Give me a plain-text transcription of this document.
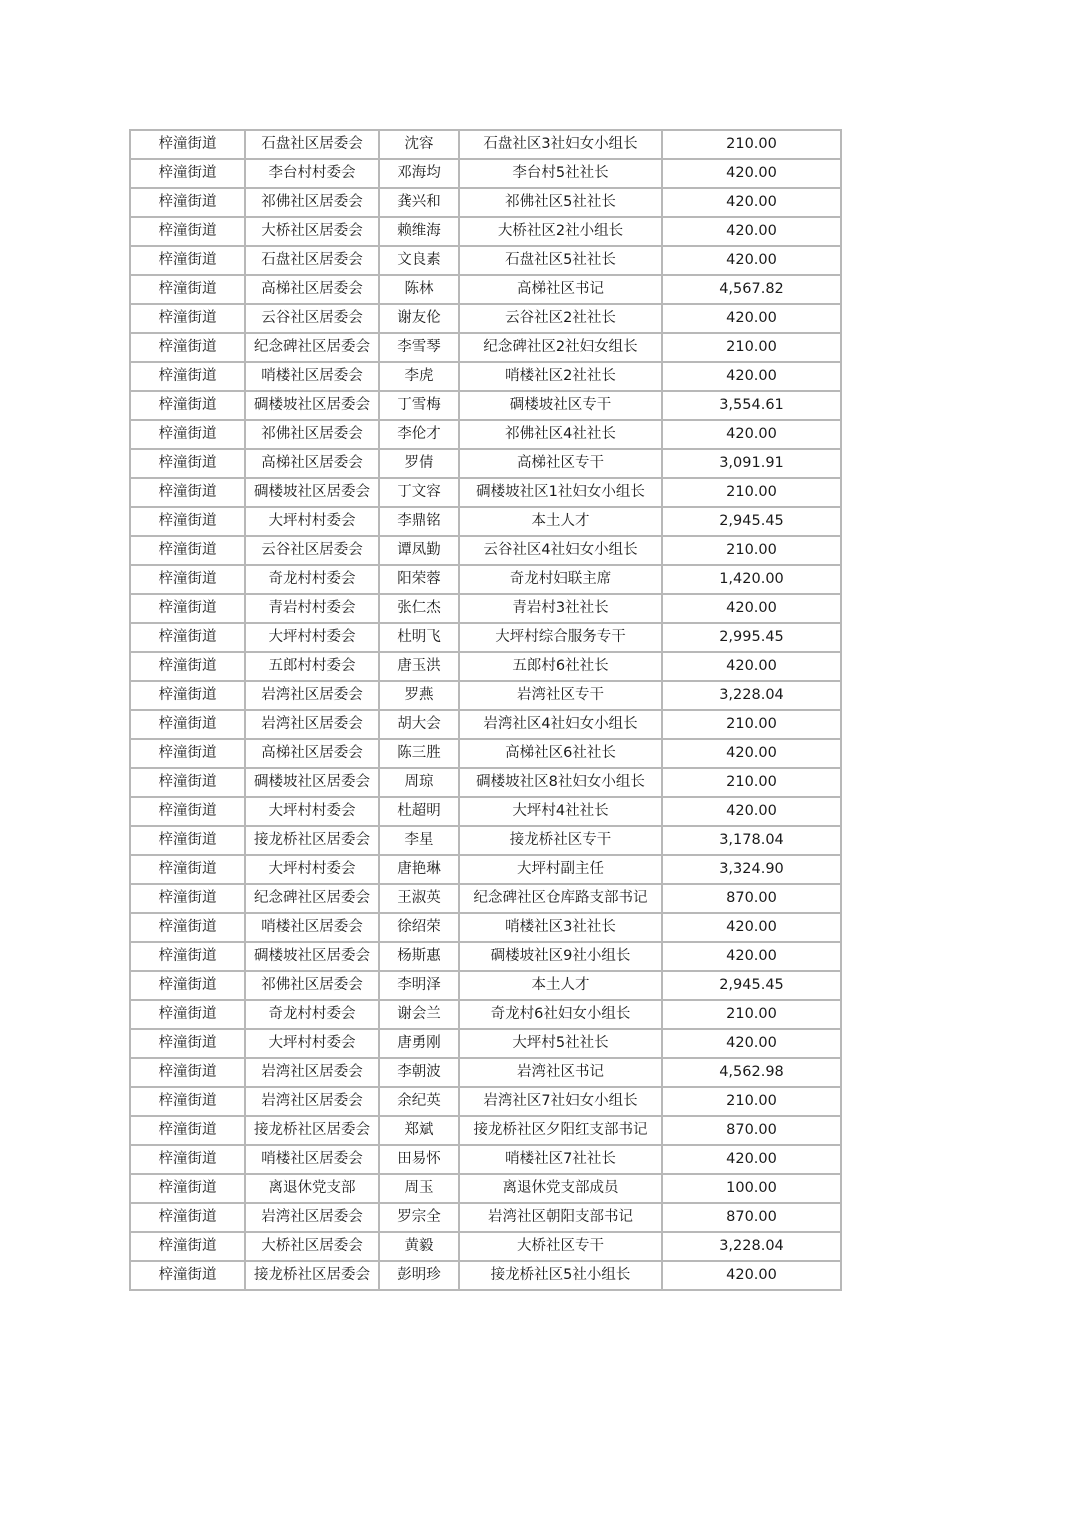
梓潼街道	石盘社区居委会	沈容	石盘社区3社妇女小组长	210.00
梓潼街道	李台村村委会	邓海均	李台村5社社长	420.00
梓潼街道	祁佛社区居委会	龚兴和	祁佛社区5社社长	420.00
梓潼街道	大桥社区居委会	赖维海	大桥社区2社小组长	420.00
梓潼街道	石盘社区居委会	文良素	石盘社区5社社长	420.00
梓潼街道	高梯社区居委会	陈林	高梯社区书记	4,567.82
梓潼街道	云谷社区居委会	谢友伦	云谷社区2社社长	420.00
梓潼街道	纪念碑社区居委会	李雪琴	纪念碑社区2社妇女组长	210.00
梓潼街道	哨楼社区居委会	李虎	哨楼社区2社社长	420.00
梓潼街道	碉楼坡社区居委会	丁雪梅	碉楼坡社区专干	3,554.61
梓潼街道	祁佛社区居委会	李伦才	祁佛社区4社社长	420.00
梓潼街道	高梯社区居委会	罗倩	高梯社区专干	3,091.91
梓潼街道	碉楼坡社区居委会	丁文容	碉楼坡社区1社妇女小组长	210.00
梓潼街道	大坪村村委会	李鼎铭	本土人才	2,945.45
梓潼街道	云谷社区居委会	谭凤勤	云谷社区4社妇女小组长	210.00
梓潼街道	奇龙村村委会	阳荣蓉	奇龙村妇联主席	1,420.00
梓潼街道	青岩村村委会	张仁杰	青岩村3社社长	420.00
梓潼街道	大坪村村委会	杜明飞	大坪村综合服务专干	2,995.45
梓潼街道	五郎村村委会	唐玉洪	五郎村6社社长	420.00
梓潼街道	岩湾社区居委会	罗燕	岩湾社区专干	3,228.04
梓潼街道	岩湾社区居委会	胡大会	岩湾社区4社妇女小组长	210.00
梓潼街道	高梯社区居委会	陈三胜	高梯社区6社社长	420.00
梓潼街道	碉楼坡社区居委会	周琼	碉楼坡社区8社妇女小组长	210.00
梓潼街道	大坪村村委会	杜超明	大坪村4社社长	420.00
梓潼街道	接龙桥社区居委会	李星	接龙桥社区专干	3,178.04
梓潼街道	大坪村村委会	唐艳琳	大坪村副主任	3,324.90
梓潼街道	纪念碑社区居委会	王淑英	纪念碑社区仓库路支部书记	870.00
梓潼街道	哨楼社区居委会	徐绍荣	哨楼社区3社社长	420.00
梓潼街道	碉楼坡社区居委会	杨斯惠	碉楼坡社区9社小组长	420.00
梓潼街道	祁佛社区居委会	李明泽	本土人才	2,945.45
梓潼街道	奇龙村村委会	谢会兰	奇龙村6社妇女小组长	210.00
梓潼街道	大坪村村委会	唐勇刚	大坪村5社社长	420.00
梓潼街道	岩湾社区居委会	李朝波	岩湾社区书记	4,562.98
梓潼街道	岩湾社区居委会	余纪英	岩湾社区7社妇女小组长	210.00
梓潼街道	接龙桥社区居委会	郑斌	接龙桥社区夕阳红支部书记	870.00
梓潼街道	哨楼社区居委会	田易怀	哨楼社区7社社长	420.00
梓潼街道	离退休党支部	周玉	离退休党支部成员	100.00
梓潼街道	岩湾社区居委会	罗宗全	岩湾社区朝阳支部书记	870.00
梓潼街道	大桥社区居委会	黄毅	大桥社区专干	3,228.04
梓潼街道	接龙桥社区居委会	彭明珍	接龙桥社区5社小组长	420.00
